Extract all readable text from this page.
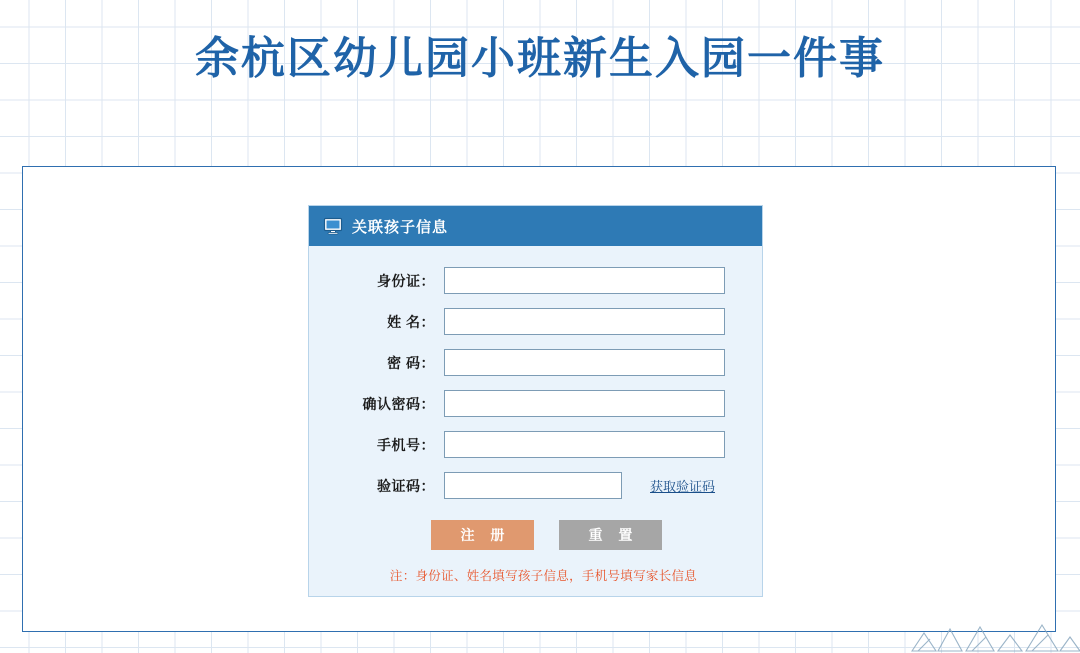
余杭区幼儿园小班新生入园一件事
关联孩子信息
身份证：
姓 名：
密 码：
确认密码：
手机号：
验证码：	获取验证码
注 册	重 置
注：身份证、姓名填写孩子信息，手机号填写家长信息
